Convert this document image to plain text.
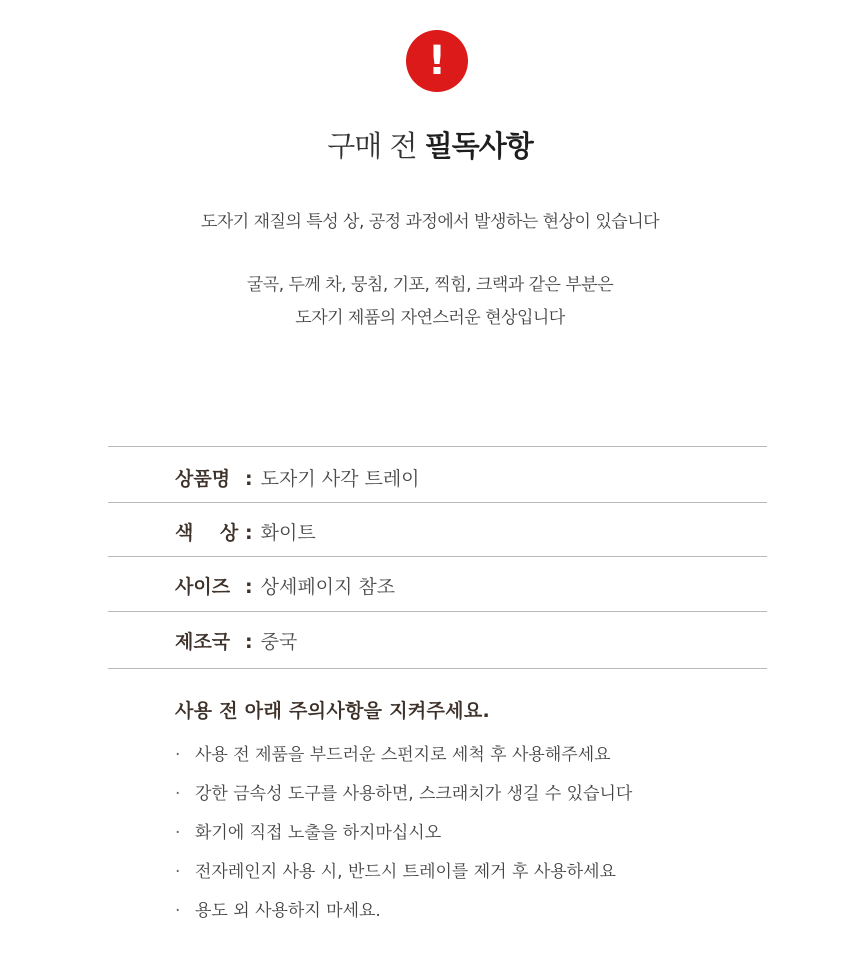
!
구매 전 필독사항
도자기 재질의 특성 상, 공정 과정에서 발생하는 현상이 있습니다
굴곡, 두께 차, 뭉침, 기포, 찍힘, 크랙과 같은 부분은
도자기 제품의 자연스러운 현상입니다
상품명 : 도자기 사각 트레이
색    상 : 화이트
사이즈 : 상세페이지 참조
제조국 : 중국
사용 전 아래 주의사항을 지켜주세요.
· 사용 전 제품을 부드러운 스펀지로 세척 후 사용해주세요
· 강한 금속성 도구를 사용하면, 스크래치가 생길 수 있습니다
· 화기에 직접 노출을 하지마십시오
· 전자레인지 사용 시, 반드시 트레이를 제거 후 사용하세요
· 용도 외 사용하지 마세요.
